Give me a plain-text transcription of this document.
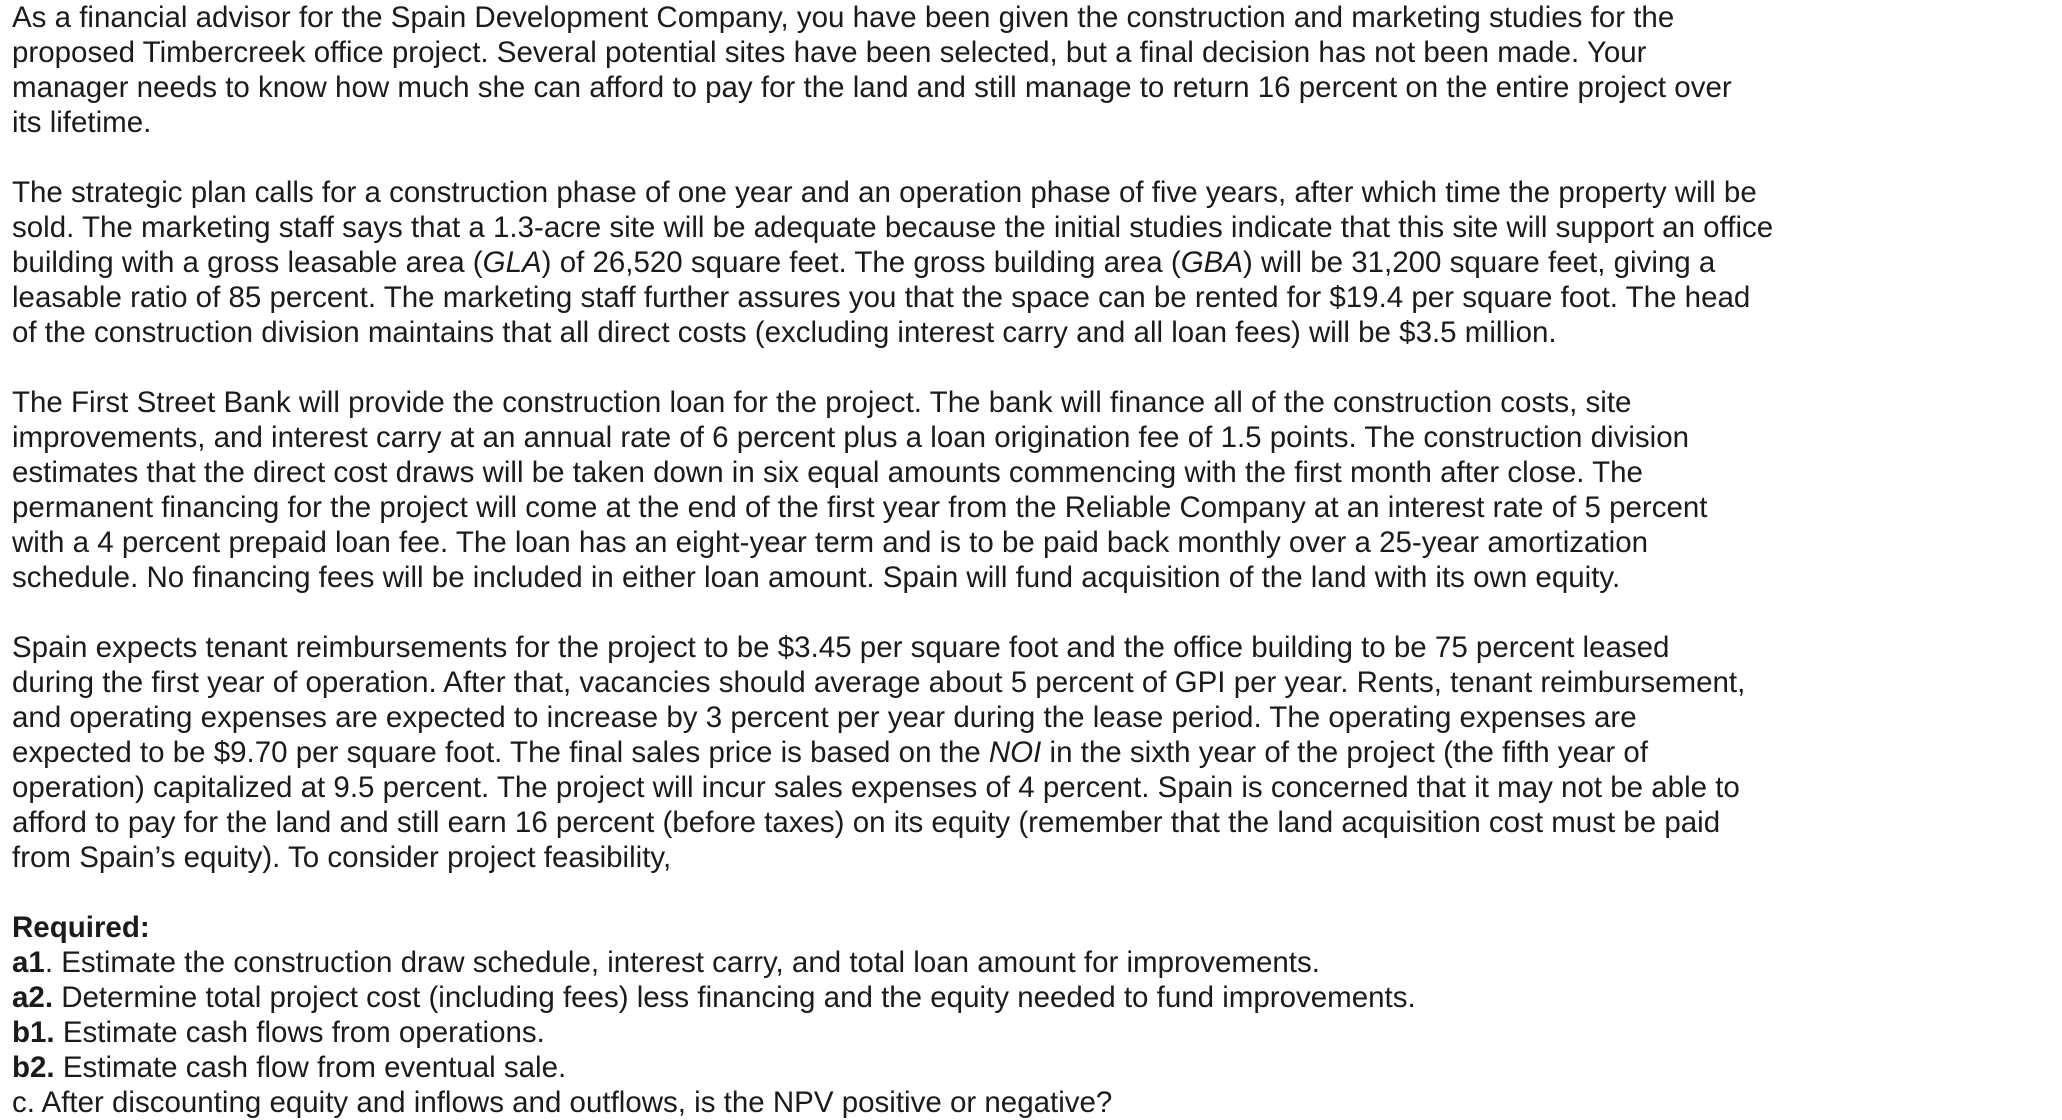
As a financial advisor for the Spain Development Company, you have been given the construction and marketing studies for the
proposed Timbercreek office project. Several potential sites have been selected, but a final decision has not been made. Your
manager needs to know how much she can afford to pay for the land and still manage to return 16 percent on the entire project over
its lifetime.
The strategic plan calls for a construction phase of one year and an operation phase of five years, after which time the property will be
sold. The marketing staff says that a 1.3-acre site will be adequate because the initial studies indicate that this site will support an office
building with a gross leasable area (GLA) of 26,520 square feet. The gross building area (GBA) will be 31,200 square feet, giving a
leasable ratio of 85 percent. The marketing staff further assures you that the space can be rented for $19.4 per square foot. The head
of the construction division maintains that all direct costs (excluding interest carry and all loan fees) will be $3.5 million.
The First Street Bank will provide the construction loan for the project. The bank will finance all of the construction costs, site
improvements, and interest carry at an annual rate of 6 percent plus a loan origination fee of 1.5 points. The construction division
estimates that the direct cost draws will be taken down in six equal amounts commencing with the first month after close. The
permanent financing for the project will come at the end of the first year from the Reliable Company at an interest rate of 5 percent
with a 4 percent prepaid loan fee. The loan has an eight-year term and is to be paid back monthly over a 25-year amortization
schedule. No financing fees will be included in either loan amount. Spain will fund acquisition of the land with its own equity.
Spain expects tenant reimbursements for the project to be $3.45 per square foot and the office building to be 75 percent leased
during the first year of operation. After that, vacancies should average about 5 percent of GPI per year. Rents, tenant reimbursement,
and operating expenses are expected to increase by 3 percent per year during the lease period. The operating expenses are
expected to be $9.70 per square foot. The final sales price is based on the NOI in the sixth year of the project (the fifth year of
operation) capitalized at 9.5 percent. The project will incur sales expenses of 4 percent. Spain is concerned that it may not be able to
afford to pay for the land and still earn 16 percent (before taxes) on its equity (remember that the land acquisition cost must be paid
from Spain’s equity). To consider project feasibility,
Required:
a1. Estimate the construction draw schedule, interest carry, and total loan amount for improvements.
a2. Determine total project cost (including fees) less financing and the equity needed to fund improvements.
b1. Estimate cash flows from operations.
b2. Estimate cash flow from eventual sale.
c. After discounting equity and inflows and outflows, is the NPV positive or negative?
